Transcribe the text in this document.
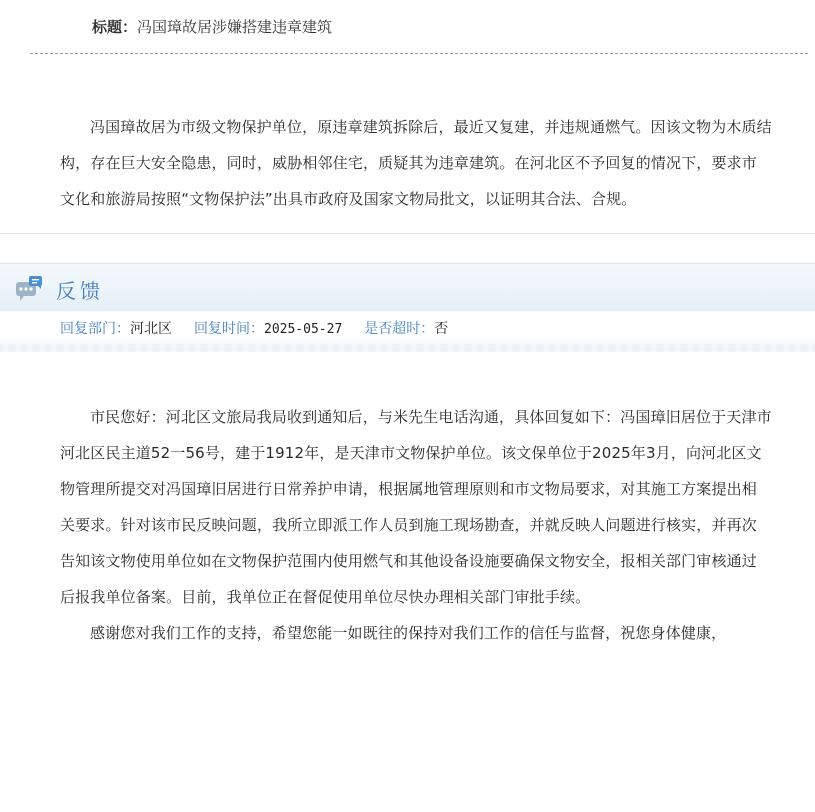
标题：冯国璋故居涉嫌搭建违章建筑
冯国璋故居为市级文物保护单位，原违章建筑拆除后，最近又复建，并违规通燃气。因该文物为木质结构，存在巨大安全隐患，同时，威胁相邻住宅，质疑其为违章建筑。在河北区不予回复的情况下，要求市文化和旅游局按照“文物保护法”出具市政府及国家文物局批文，以证明其合法、合规。
反馈
回复部门：河北区 回复时间：2025-05-27 是否超时：否

市民您好：河北区文旅局我局收到通知后，与米先生电话沟通，具体回复如下：冯国璋旧居位于天津市河北区民主道52一56号，建于1912年，是天津市文物保护单位。该文保单位于2025年3月，向河北区文物管理所提交对冯国璋旧居进行日常养护申请，根据属地管理原则和市文物局要求，对其施工方案提出相关要求。针对该市民反映问题，我所立即派工作人员到施工现场勘查，并就反映人问题进行核实，并再次告知该文物使用单位如在文物保护范围内使用燃气和其他设备设施要确保文物安全，报相关部门审核通过后报我单位备案。目前，我单位正在督促使用单位尽快办理相关部门审批手续。

感谢您对我们工作的支持，希望您能一如既往的保持对我们工作的信任与监督，祝您身体健康，
